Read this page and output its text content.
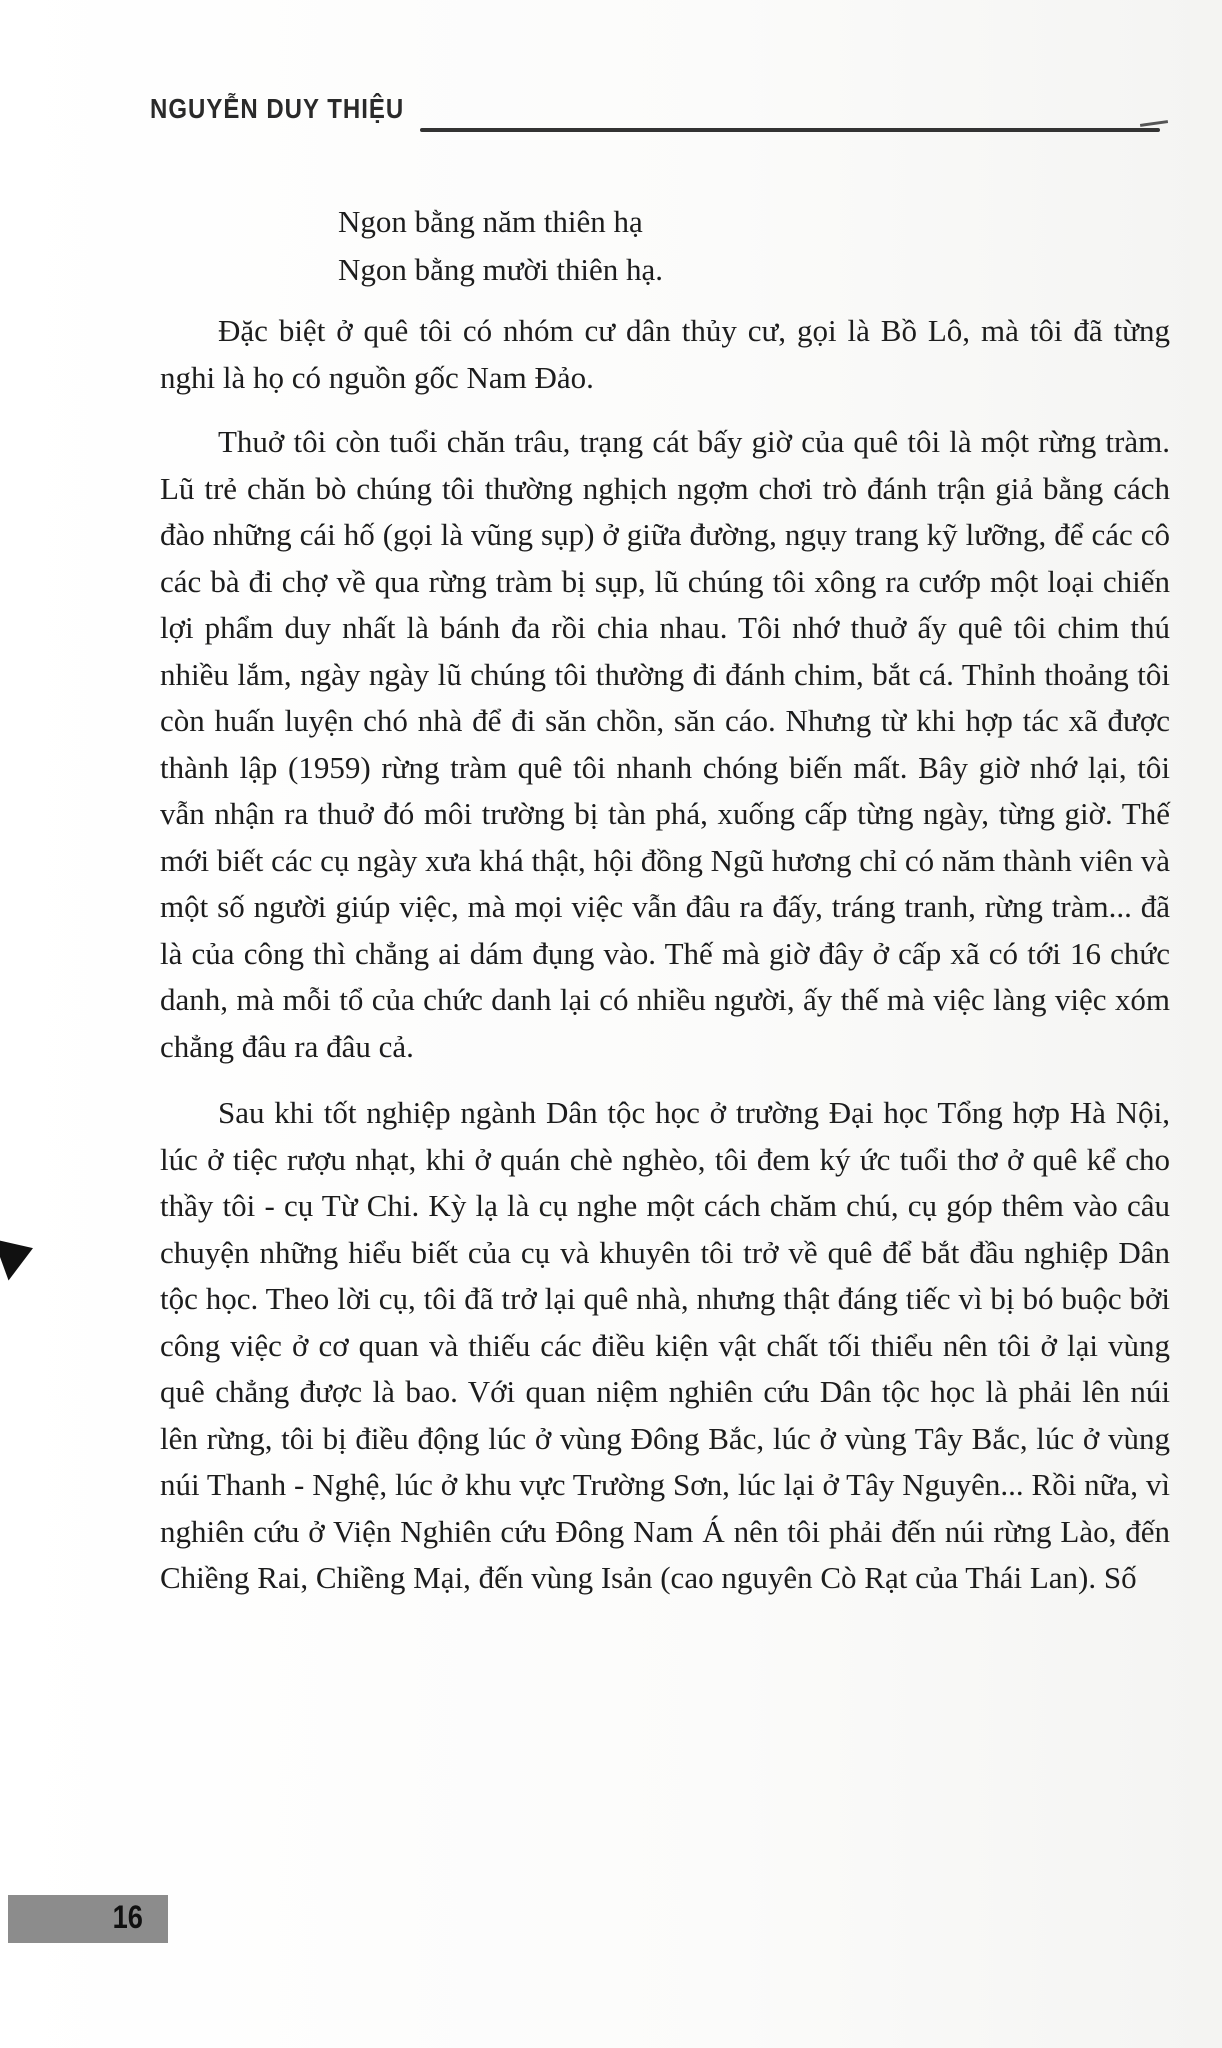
NGUYỄN DUY THIỆU

Ngon bằng năm thiên hạ

Ngon bằng mười thiên hạ.

Đặc biệt ở quê tôi có nhóm cư dân thủy cư, gọi là Bồ Lô, mà tôi đã từng nghi là họ có nguồn gốc Nam Đảo.

Thuở tôi còn tuổi chăn trâu, trạng cát bấy giờ của quê tôi là một rừng tràm. Lũ trẻ chăn bò chúng tôi thường nghịch ngợm chơi trò đánh trận giả bằng cách đào những cái hố (gọi là vũng sụp) ở giữa đường, ngụy trang kỹ lưỡng, để các cô các bà đi chợ về qua rừng tràm bị sụp, lũ chúng tôi xông ra cướp một loại chiến lợi phẩm duy nhất là bánh đa rồi chia nhau. Tôi nhớ thuở ấy quê tôi chim thú nhiều lắm, ngày ngày lũ chúng tôi thường đi đánh chim, bắt cá. Thỉnh thoảng tôi còn huấn luyện chó nhà để đi săn chồn, săn cáo. Nhưng từ khi hợp tác xã được thành lập (1959) rừng tràm quê tôi nhanh chóng biến mất. Bây giờ nhớ lại, tôi vẫn nhận ra thuở đó môi trường bị tàn phá, xuống cấp từng ngày, từng giờ. Thế mới biết các cụ ngày xưa khá thật, hội đồng Ngũ hương chỉ có năm thành viên và một số người giúp việc, mà mọi việc vẫn đâu ra đấy, tráng tranh, rừng tràm... đã là của công thì chẳng ai dám đụng vào. Thế mà giờ đây ở cấp xã có tới 16 chức danh, mà mỗi tổ của chức danh lại có nhiều người, ấy thế mà việc làng việc xóm chẳng đâu ra đâu cả.

Sau khi tốt nghiệp ngành Dân tộc học ở trường Đại học Tổng hợp Hà Nội, lúc ở tiệc rượu nhạt, khi ở quán chè nghèo, tôi đem ký ức tuổi thơ ở quê kể cho thầy tôi - cụ Từ Chi. Kỳ lạ là cụ nghe một cách chăm chú, cụ góp thêm vào câu chuyện những hiểu biết của cụ và khuyên tôi trở về quê để bắt đầu nghiệp Dân tộc học. Theo lời cụ, tôi đã trở lại quê nhà, nhưng thật đáng tiếc vì bị bó buộc bởi công việc ở cơ quan và thiếu các điều kiện vật chất tối thiểu nên tôi ở lại vùng quê chẳng được là bao. Với quan niệm nghiên cứu Dân tộc học là phải lên núi lên rừng, tôi bị điều động lúc ở vùng Đông Bắc, lúc ở vùng Tây Bắc, lúc ở vùng núi Thanh - Nghệ, lúc ở khu vực Trường Sơn, lúc lại ở Tây Nguyên... Rồi nữa, vì nghiên cứu ở Viện Nghiên cứu Đông Nam Á nên tôi phải đến núi rừng Lào, đến Chiềng Rai, Chiềng Mại, đến vùng Isản (cao nguyên Cò Rạt của Thái Lan). Số

16
